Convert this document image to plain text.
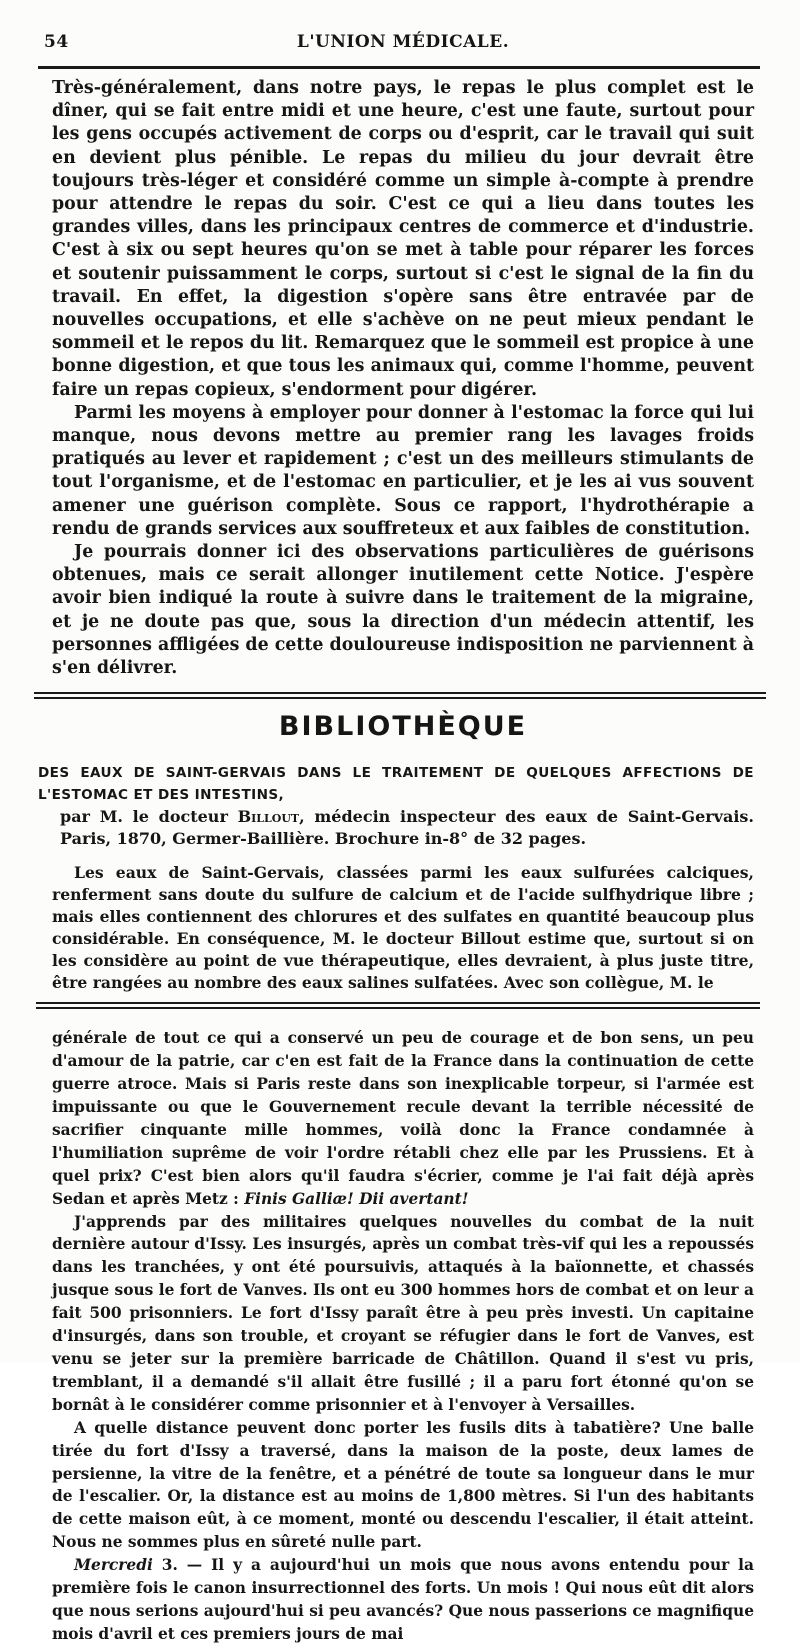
54	L'UNION MÉDICALE.

Très-généralement, dans notre pays, le repas le plus complet est le dîner, qui se fait entre midi et une heure, c'est une faute, surtout pour les gens occupés activement de corps ou d'esprit, car le travail qui suit en devient plus pénible. Le repas du milieu du jour devrait être toujours très-léger et considéré comme un simple à-compte à prendre pour attendre le repas du soir. C'est ce qui a lieu dans toutes les grandes villes, dans les principaux centres de commerce et d'industrie. C'est à six ou sept heures qu'on se met à table pour réparer les forces et soutenir puissamment le corps, surtout si c'est le signal de la fin du travail. En effet, la digestion s'opère sans être entravée par de nouvelles occupations, et elle s'achève on ne peut mieux pendant le sommeil et le repos du lit. Remarquez que le sommeil est propice à une bonne digestion, et que tous les animaux qui, comme l'homme, peuvent faire un repas copieux, s'endorment pour digérer.

Parmi les moyens à employer pour donner à l'estomac la force qui lui manque, nous devons mettre au premier rang les lavages froids pratiqués au lever et rapidement ; c'est un des meilleurs stimulants de tout l'organisme, et de l'estomac en particulier, et je les ai vus souvent amener une guérison complète. Sous ce rapport, l'hydrothérapie a rendu de grands services aux souffreteux et aux faibles de constitution.

Je pourrais donner ici des observations particulières de guérisons obtenues, mais ce serait allonger inutilement cette Notice. J'espère avoir bien indiqué la route à suivre dans le traitement de la migraine, et je ne doute pas que, sous la direction d'un médecin attentif, les personnes affligées de cette douloureuse indisposition ne parviennent à s'en délivrer.

BIBLIOTHÈQUE
DES EAUX DE SAINT-GERVAIS DANS LE TRAITEMENT DE QUELQUES AFFECTIONS DE L'ESTOMAC ET DES INTESTINS,
par M. le docteur Billout, médecin inspecteur des eaux de Saint-Gervais. Paris, 1870, Germer-Baillière. Brochure in-8° de 32 pages.

Les eaux de Saint-Gervais, classées parmi les eaux sulfurées calciques, renferment sans doute du sulfure de calcium et de l'acide sulfhydrique libre ; mais elles contiennent des chlorures et des sulfates en quantité beaucoup plus considérable. En conséquence, M. le docteur Billout estime que, surtout si on les considère au point de vue thérapeutique, elles devraient, à plus juste titre, être rangées au nombre des eaux salines sulfatées. Avec son collègue, M. le

générale de tout ce qui a conservé un peu de courage et de bon sens, un peu d'amour de la patrie, car c'en est fait de la France dans la continuation de cette guerre atroce. Mais si Paris reste dans son inexplicable torpeur, si l'armée est impuissante ou que le Gouvernement recule devant la terrible nécessité de sacrifier cinquante mille hommes, voilà donc la France condamnée à l'humiliation suprême de voir l'ordre rétabli chez elle par les Prussiens. Et à quel prix? C'est bien alors qu'il faudra s'écrier, comme je l'ai fait déjà après Sedan et après Metz : Finis Galliæ! Dii avertant!

J'apprends par des militaires quelques nouvelles du combat de la nuit dernière autour d'Issy. Les insurgés, après un combat très-vif qui les a repoussés dans les tranchées, y ont été poursuivis, attaqués à la baïonnette, et chassés jusque sous le fort de Vanves. Ils ont eu 300 hommes hors de combat et on leur a fait 500 prisonniers. Le fort d'Issy paraît être à peu près investi. Un capitaine d'insurgés, dans son trouble, et croyant se réfugier dans le fort de Vanves, est venu se jeter sur la première barricade de Châtillon. Quand il s'est vu pris, tremblant, il a demandé s'il allait être fusillé ; il a paru fort étonné qu'on se bornât à le considérer comme prisonnier et à l'envoyer à Versailles.

A quelle distance peuvent donc porter les fusils dits à tabatière? Une balle tirée du fort d'Issy a traversé, dans la maison de la poste, deux lames de persienne, la vitre de la fenêtre, et a pénétré de toute sa longueur dans le mur de l'escalier. Or, la distance est au moins de 1,800 mètres. Si l'un des habitants de cette maison eût, à ce moment, monté ou descendu l'escalier, il était atteint. Nous ne sommes plus en sûreté nulle part.

Mercredi 3. — Il y a aujourd'hui un mois que nous avons entendu pour la première fois le canon insurrectionnel des forts. Un mois ! Qui nous eût dit alors que nous serions aujourd'hui si peu avancés? Que nous passerions ce magnifique mois d'avril et ces premiers jours de mai
